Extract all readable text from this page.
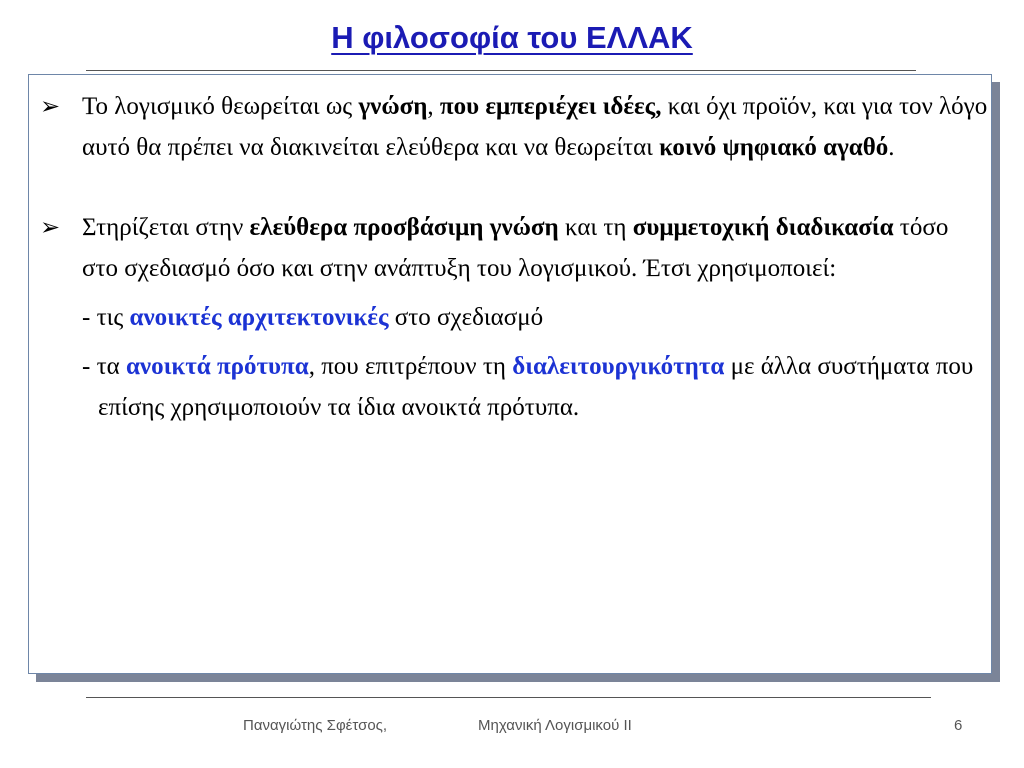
Η φιλοσοφία του ΕΛΛΑΚ

➢ Το λογισμικό θεωρείται ως γνώση, που εμπεριέχει ιδέες, και όχι προϊόν, και για τον λόγο αυτό θα πρέπει να διακινείται ελεύθερα και να θεωρείται κοινό ψηφιακό αγαθό.

➢ Στηρίζεται στην ελεύθερα προσβάσιμη γνώση και τη συμμετοχική διαδικασία τόσο στο σχεδιασμό όσο και στην ανάπτυξη του λογισμικού. Έτσι χρησιμοποιεί:

- τις ανοικτές αρχιτεκτονικές στο σχεδιασμό

- τα ανοικτά πρότυπα, που επιτρέπουν τη διαλειτουργικότητα με άλλα συστήματα που επίσης χρησιμοποιούν τα ίδια ανοικτά πρότυπα.

Παναγιώτης Σφέτσος,	Μηχανική Λογισμικού ΙΙ	6
